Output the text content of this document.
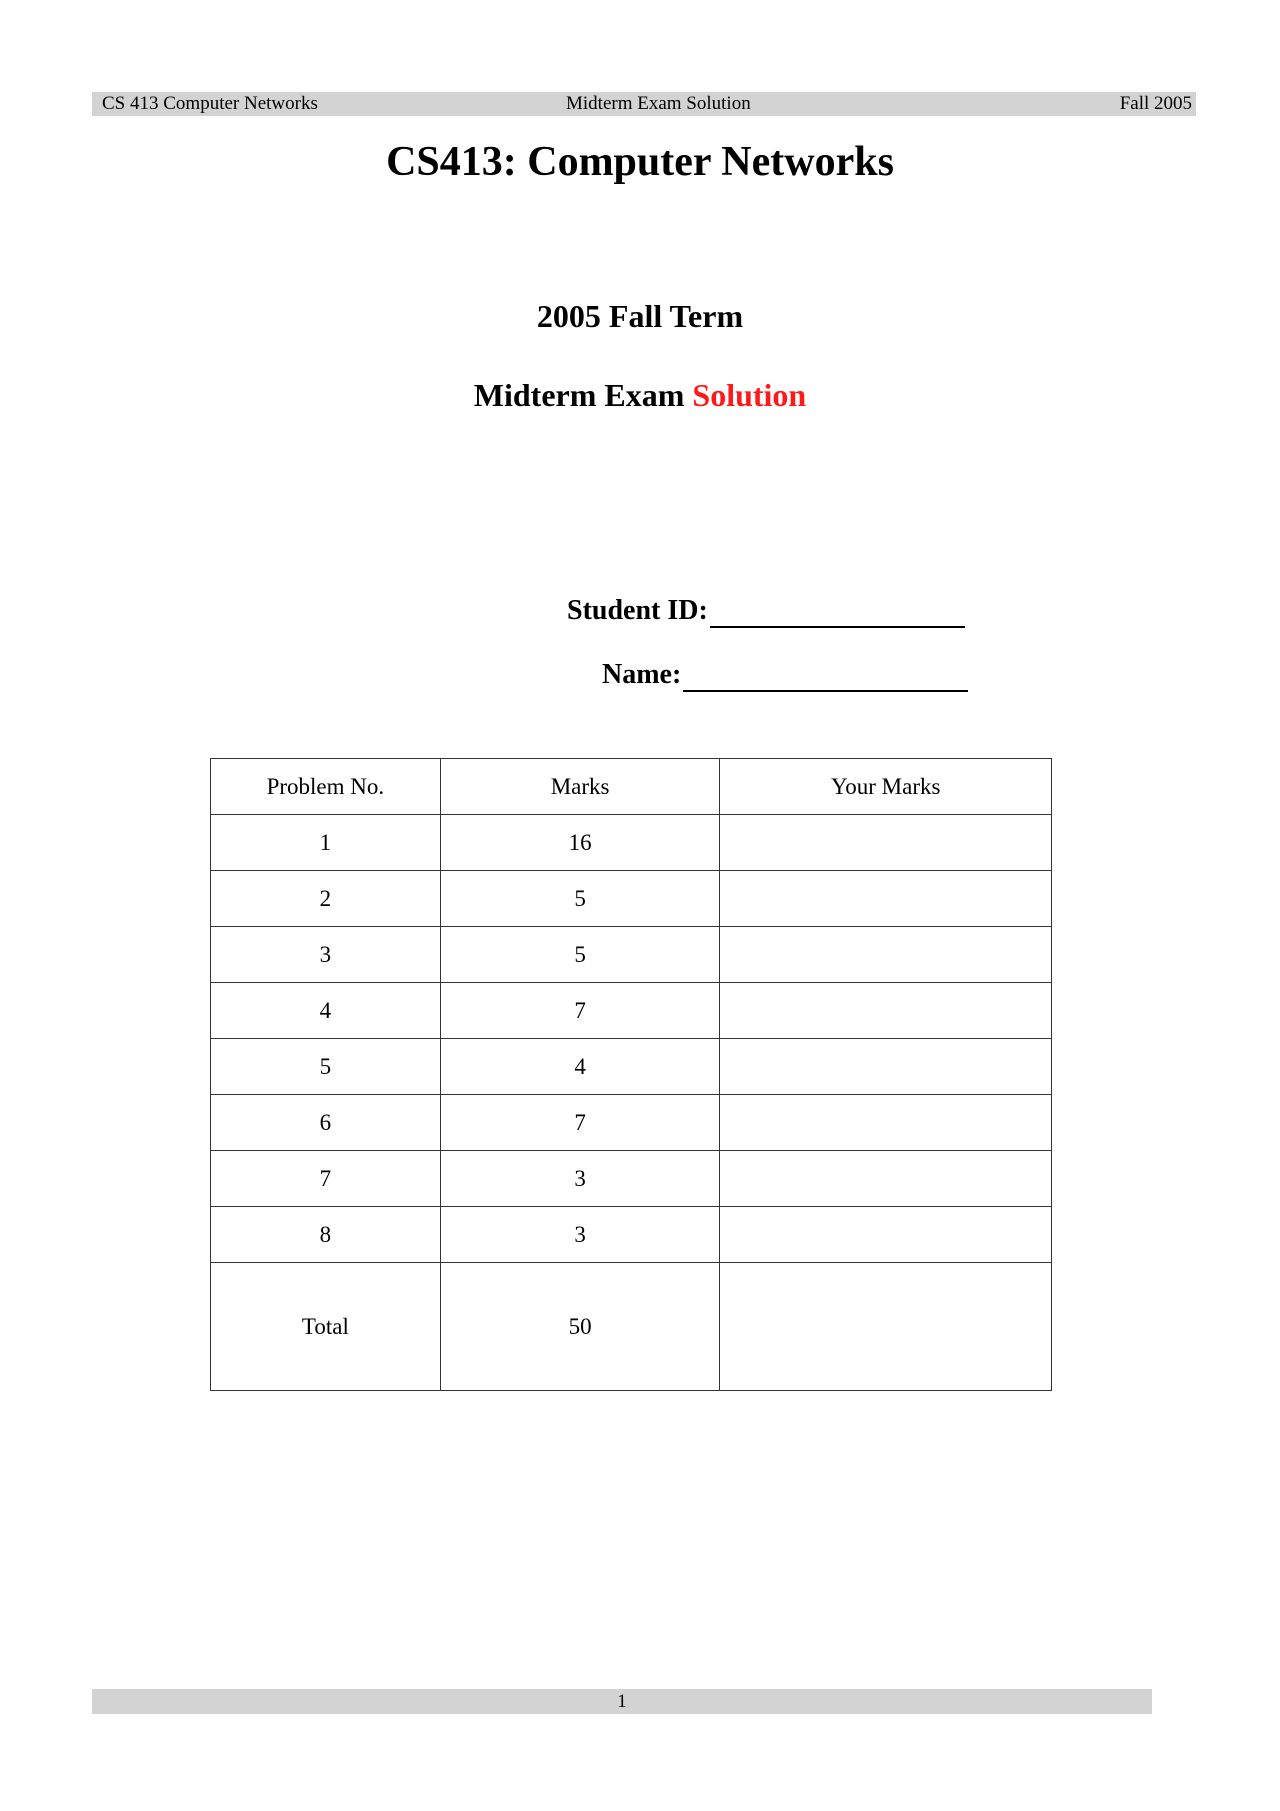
CS 413 Computer Networks	Midterm Exam Solution	Fall 2005
CS413: Computer Networks
2005 Fall Term
Midterm Exam Solution
Student ID:
Name:
Problem No.	Marks	Your Marks
1	16	
2	5	
3	5	
4	7	
5	4	
6	7	
7	3	
8	3	
Total	50	
1
